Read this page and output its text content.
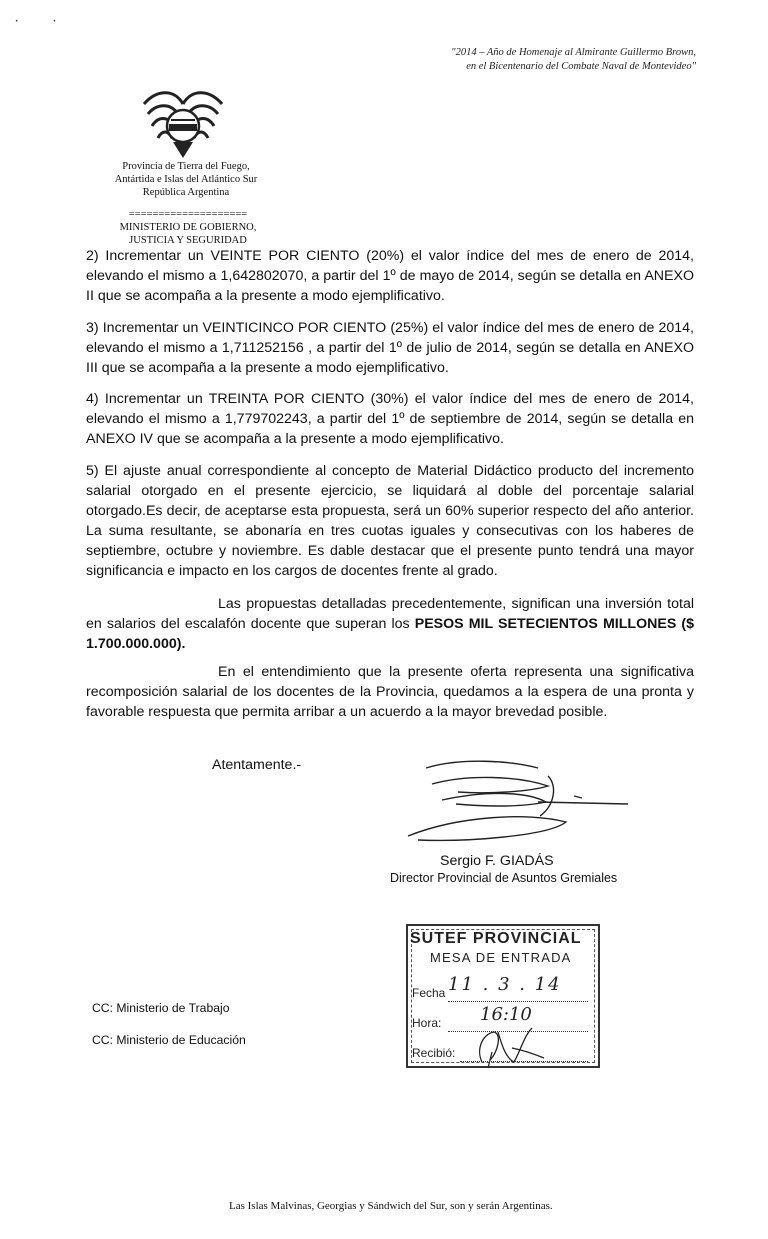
· ·
"2014 – Año de Homenaje al Almirante Guillermo Brown,
en el Bicentenario del Combate Naval de Montevideo"
Provincia de Tierra del Fuego,
Antártida e Islas del Atlántico Sur
República Argentina
====================
MINISTERIO DE GOBIERNO,
JUSTICIA Y SEGURIDAD

2) Incrementar un VEINTE POR CIENTO (20%) el valor índice del mes de enero de 2014, elevando el mismo a 1,642802070, a partir del 1º de mayo de 2014, según se detalla en ANEXO II que se acompaña a la presente a modo ejemplificativo.

3) Incrementar un VEINTICINCO POR CIENTO (25%) el valor índice del mes de enero de 2014, elevando el mismo a 1,711252156 , a partir del 1º de julio de 2014, según se detalla en ANEXO III que se acompaña a la presente a modo ejemplificativo.

4) Incrementar un TREINTA POR CIENTO (30%) el valor índice del mes de enero de 2014, elevando el mismo a 1,779702243, a partir del 1º de septiembre de 2014, según se detalla en ANEXO IV que se acompaña a la presente a modo ejemplificativo.

5) El ajuste anual correspondiente al concepto de Material Didáctico producto del incremento salarial otorgado en el presente ejercicio, se liquidará al doble del porcentaje salarial otorgado.Es decir, de aceptarse esta propuesta, será un 60% superior respecto del año anterior. La suma resultante, se abonaría en tres cuotas iguales y consecutivas con los haberes de septiembre, octubre y noviembre. Es dable destacar que el presente punto tendrá una mayor significancia e impacto en los cargos de docentes frente al grado.

Las propuestas detalladas precedentemente, significan una inversión total en salarios del escalafón docente que superan los PESOS MIL SETECIENTOS MILLONES ($ 1.700.000.000).

En el entendimiento que la presente oferta representa una significativa recomposición salarial de los docentes de la Provincia, quedamos a la espera de una pronta y favorable respuesta que permita arribar a un acuerdo a la mayor brevedad posible.

Atentamente.-
Sergio F. GIADÁS
Director Provincial de Asuntos Gremiales
SUTEF PROVINCIAL
MESA DE ENTRADA
Fecha 11 . 3 . 14
Hora: 16:10
Recibió:
CC: Ministerio de Trabajo
CC: Ministerio de Educación
Las Islas Malvinas, Georgias y Sándwich del Sur, son y serán Argentinas.
